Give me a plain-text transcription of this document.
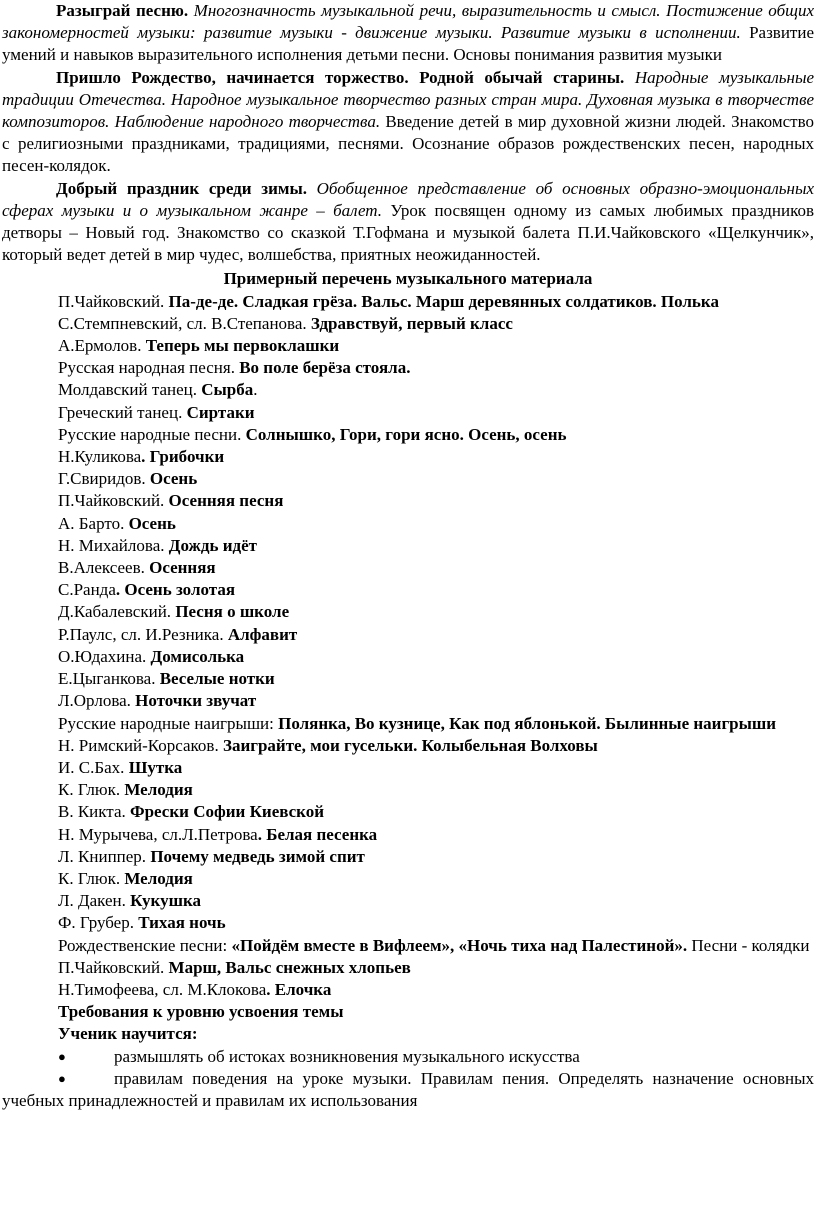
Разыграй песню. Многозначность музыкальной речи, выразительность и смысл. Постижение общих закономерностей музыки: развитие музыки - движение музыки. Развитие музыки в исполнении. Развитие умений и навыков выразительного исполнения детьми песни. Основы понимания развития музыки

Пришло Рождество, начинается торжество. Родной обычай старины. Народные музыкальные традиции Отечества. Народное музыкальное творчество разных стран мира. Духовная музыка в творчестве композиторов. Наблюдение народного творчества. Введение детей в мир духовной жизни людей. Знакомство с религиозными праздниками, традициями, песнями. Осознание образов рождественских песен, народных песен-колядок.

Добрый праздник среди зимы. Обобщенное представление об основных образно-эмоциональных сферах музыки и о музыкальном жанре – балет. Урок посвящен одному из самых любимых праздников детворы – Новый год. Знакомство со сказкой Т.Гофмана и музыкой балета П.И.Чайковского «Щелкунчик», который ведет детей в мир чудес, волшебства, приятных неожиданностей.

Примерный перечень музыкального материала

П.Чайковский. Па-де-де. Сладкая грёза. Вальс. Марш деревянных солдатиков. Полька

С.Стемпневский, сл. В.Степанова. Здравствуй, первый класс

А.Ермолов. Теперь мы первоклашки

Русская народная песня. Во поле берёза стояла.

Молдавский танец. Сырба.

Греческий танец. Сиртаки

Русские народные песни. Солнышко, Гори, гори ясно. Осень, осень

Н.Куликова. Грибочки

Г.Свиридов. Осень

П.Чайковский. Осенняя песня

А. Барто. Осень

Н. Михайлова. Дождь идёт

В.Алексеев. Осенняя

С.Ранда. Осень золотая

Д.Кабалевский. Песня о школе

Р.Паулс, сл. И.Резника. Алфавит

О.Юдахина. Домисолька

Е.Цыганкова. Веселые нотки

Л.Орлова. Ноточки звучат

Русские народные наигрыши: Полянка, Во кузнице, Как под яблонькой. Былинные наигрыши

Н. Римский-Корсаков. Заиграйте, мои гусельки. Колыбельная Волховы

И. С.Бах. Шутка

К. Глюк. Мелодия

В. Кикта. Фрески Софии Киевской

Н. Мурычева, сл.Л.Петрова. Белая песенка

Л. Книппер. Почему медведь зимой спит

К. Глюк. Мелодия

Л. Дакен. Кукушка

Ф. Грубер. Тихая ночь

Рождественские песни: «Пойдём вместе в Вифлеем», «Ночь тиха над Палестиной». Песни - колядки

П.Чайковский. Марш, Вальс снежных хлопьев

Н.Тимофеева, сл. М.Клокова. Елочка

Требования к уровню усвоения темы

Ученик научится:

●	размышлять об истоках возникновения музыкального искусства

●	правилам поведения на уроке музыки. Правилам пения. Определять назначение основных учебных принадлежностей и правилам их использования
